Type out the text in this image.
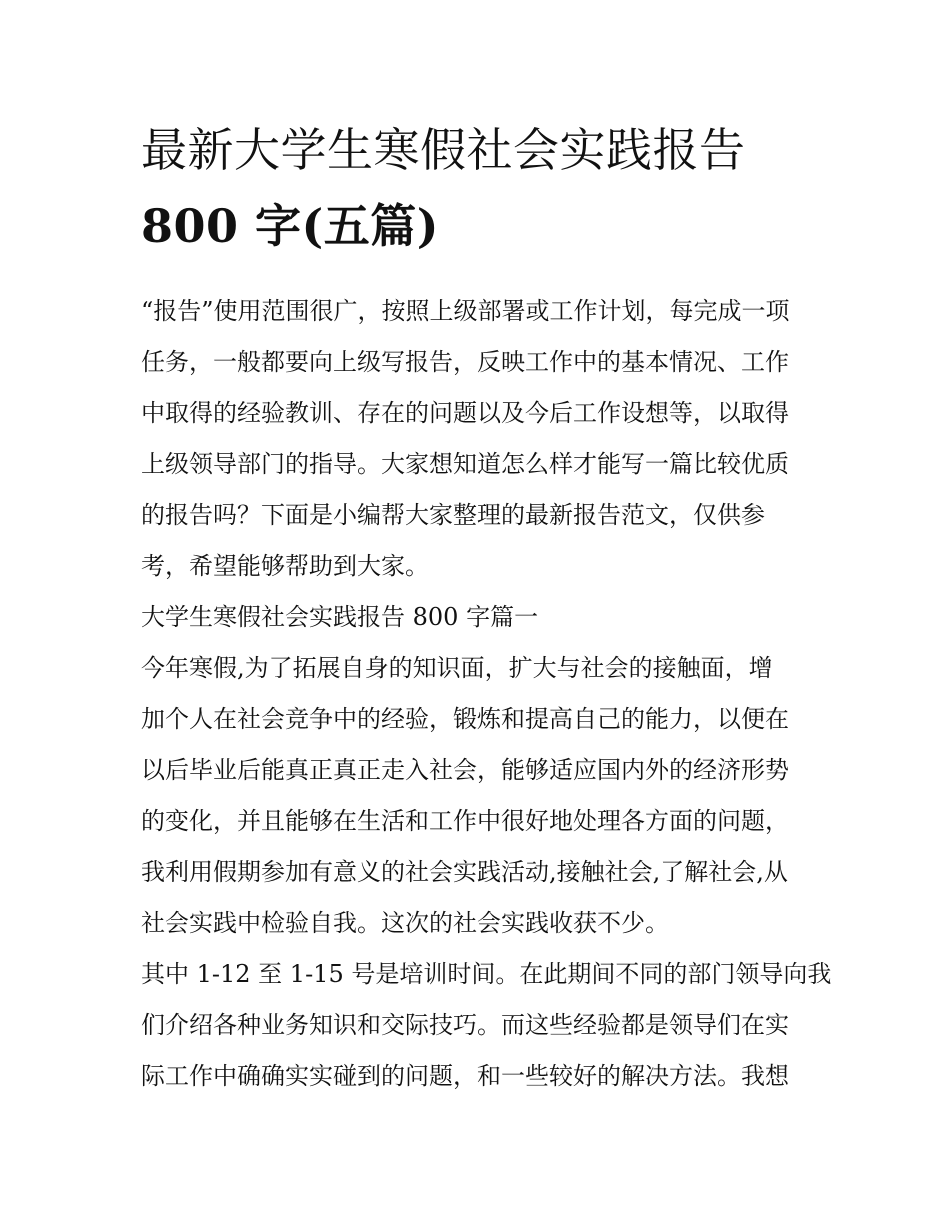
最新大学生寒假社会实践报告
800 字(五篇)

“报告”使用范围很广，按照上级部署或工作计划，每完成一项
任务，一般都要向上级写报告，反映工作中的基本情况、工作
中取得的经验教训、存在的问题以及今后工作设想等，以取得
上级领导部门的指导。大家想知道怎么样才能写一篇比较优质
的报告吗？下面是小编帮大家整理的最新报告范文，仅供参
考，希望能够帮助到大家。

大学生寒假社会实践报告 800 字篇一

今年寒假,为了拓展自身的知识面，扩大与社会的接触面，增
加个人在社会竞争中的经验，锻炼和提高自己的能力，以便在
以后毕业后能真正真正走入社会，能够适应国内外的经济形势
的变化，并且能够在生活和工作中很好地处理各方面的问题，
我利用假期参加有意义的社会实践活动,接触社会,了解社会,从
社会实践中检验自我。这次的社会实践收获不少。

其中 1-12 至 1-15 号是培训时间。在此期间不同的部门领导向我
们介绍各种业务知识和交际技巧。而这些经验都是领导们在实
际工作中确确实实碰到的问题，和一些较好的解决方法。我想
